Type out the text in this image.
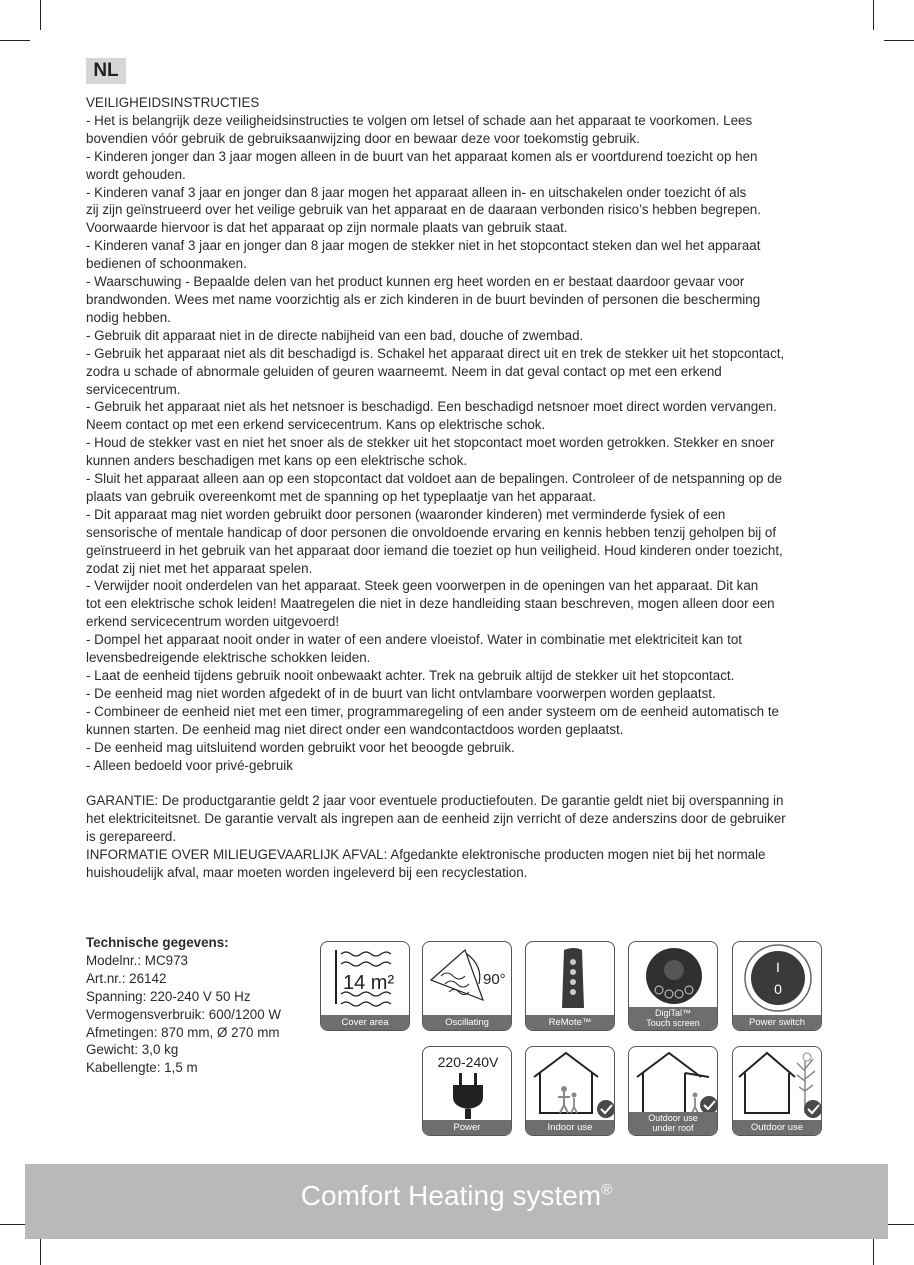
NL

VEILIGHEIDSINSTRUCTIES

- Het is belangrijk deze veiligheidsinstructies te volgen om letsel of schade aan het apparaat te voorkomen. Lees

bovendien vóór gebruik de gebruiksaanwijzing door en bewaar deze voor toekomstig gebruik.

- Kinderen jonger dan 3 jaar mogen alleen in de buurt van het apparaat komen als er voortdurend toezicht op hen

wordt gehouden.

- Kinderen vanaf 3 jaar en jonger dan 8 jaar mogen het apparaat alleen in- en uitschakelen onder toezicht óf als

zij zijn geïnstrueerd over het veilige gebruik van het apparaat en de daaraan verbonden risico’s hebben begrepen.

Voorwaarde hiervoor is dat het apparaat op zijn normale plaats van gebruik staat.

- Kinderen vanaf 3 jaar en jonger dan 8 jaar mogen de stekker niet in het stopcontact steken dan wel het apparaat

bedienen of schoonmaken.

- Waarschuwing - Bepaalde delen van het product kunnen erg heet worden en er bestaat daardoor gevaar voor

brandwonden. Wees met name voorzichtig als er zich kinderen in de buurt bevinden of personen die bescherming

nodig hebben.

- Gebruik dit apparaat niet in de directe nabijheid van een bad, douche of zwembad.

- Gebruik het apparaat niet als dit beschadigd is. Schakel het apparaat direct uit en trek de stekker uit het stopcontact,

zodra u schade of abnormale geluiden of geuren waarneemt. Neem in dat geval contact op met een erkend

servicecentrum.

- Gebruik het apparaat niet als het netsnoer is beschadigd. Een beschadigd netsnoer moet direct worden vervangen.

Neem contact op met een erkend servicecentrum. Kans op elektrische schok.

- Houd de stekker vast en niet het snoer als de stekker uit het stopcontact moet worden getrokken. Stekker en snoer

kunnen anders beschadigen met kans op een elektrische schok.

- Sluit het apparaat alleen aan op een stopcontact dat voldoet aan de bepalingen. Controleer of de netspanning op de

plaats van gebruik overeenkomt met de spanning op het typeplaatje van het apparaat.

- Dit apparaat mag niet worden gebruikt door personen (waaronder kinderen) met verminderde fysiek of een

sensorische of mentale handicap of door personen die onvoldoende ervaring en kennis hebben tenzij geholpen bij of

geïnstrueerd in het gebruik van het apparaat door iemand die toeziet op hun veiligheid. Houd kinderen onder toezicht,

zodat zij niet met het apparaat spelen.

- Verwijder nooit onderdelen van het apparaat. Steek geen voorwerpen in de openingen van het apparaat. Dit kan

tot een elektrische schok leiden! Maatregelen die niet in deze handleiding staan beschreven, mogen alleen door een

erkend servicecentrum worden uitgevoerd!

- Dompel het apparaat nooit onder in water of een andere vloeistof. Water in combinatie met elektriciteit kan tot

levensbedreigende elektrische schokken leiden.

- Laat de eenheid tijdens gebruik nooit onbewaakt achter. Trek na gebruik altijd de stekker uit het stopcontact.

- De eenheid mag niet worden afgedekt of in de buurt van licht ontvlambare voorwerpen worden geplaatst.

- Combineer de eenheid niet met een timer, programmaregeling of een ander systeem om de eenheid automatisch te

kunnen starten. De eenheid mag niet direct onder een wandcontactdoos worden geplaatst.

- De eenheid mag uitsluitend worden gebruikt voor het beoogde gebruik.

- Alleen bedoeld voor privé-gebruik

GARANTIE: De productgarantie geldt 2 jaar voor eventuele productiefouten. De garantie geldt niet bij overspanning in

het elektriciteitsnet. De garantie vervalt als ingrepen aan de eenheid zijn verricht of deze anderszins door de gebruiker

is gerepareerd.

INFORMATIE OVER MILIEUGEVAARLIJK AFVAL: Afgedankte elektronische producten mogen niet bij het normale

huishoudelijk afval, maar moeten worden ingeleverd bij een recyclestation.

Technische gegevens:

Modelnr.: MC973

Art.nr.: 26142

Spanning: 220-240 V 50 Hz

Vermogensverbruik: 600/1200 W

Afmetingen: 870 mm, Ø 270 mm

Gewicht: 3,0 kg

Kabellengte: 1,5 m

14 m²
Cover area
90°
Oscillating	ReMote™
DigiTal™
Touch screen
I
0
Power switch
220-240V
Power	Indoor use
Outdoor use
under roof	Outdoor use
Comfort Heating system®
